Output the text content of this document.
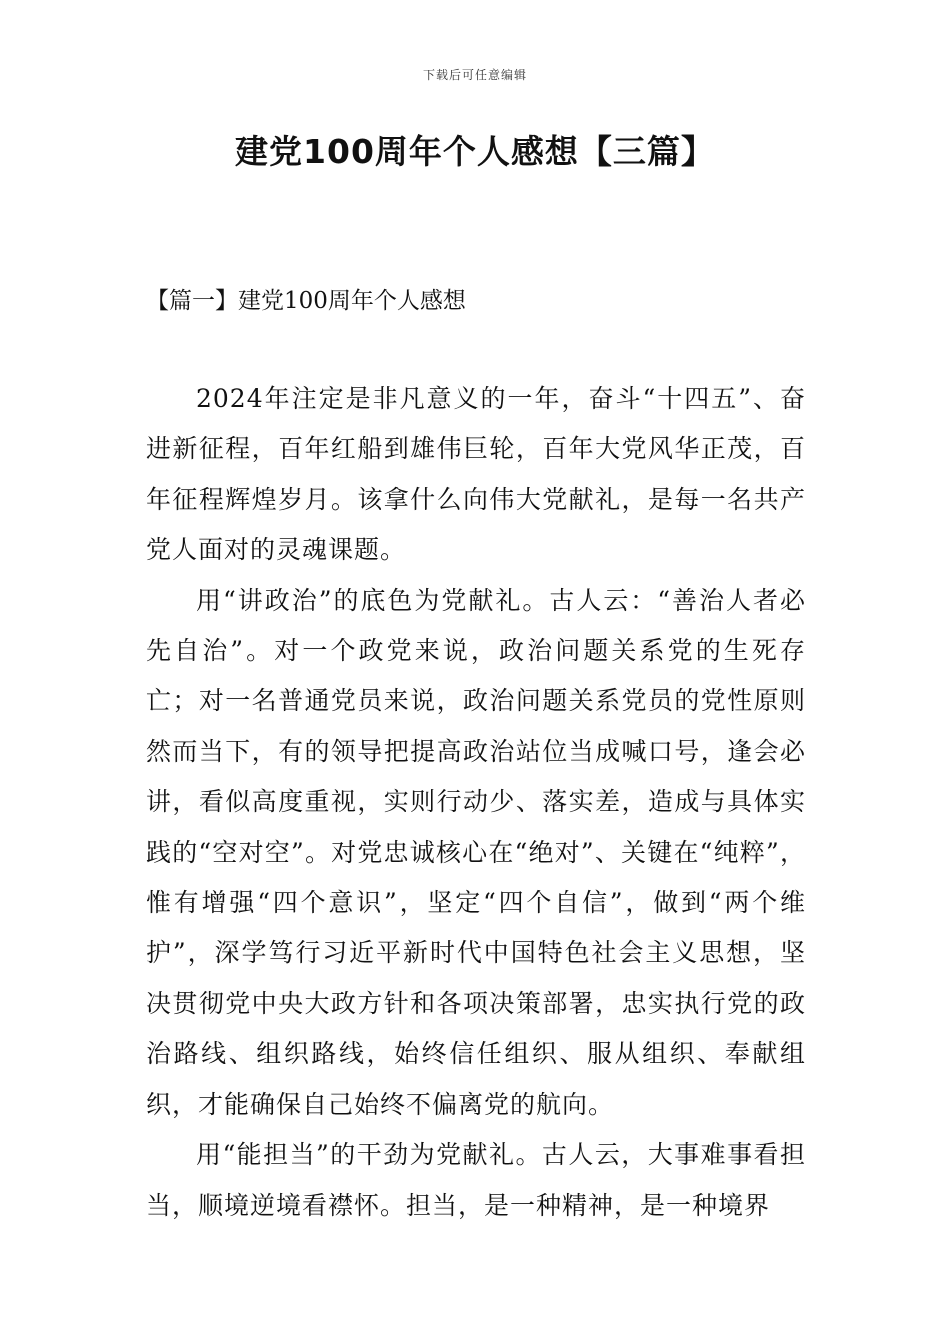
下载后可任意编辑
建党100周年个人感想【三篇】
【篇一】建党100周年个人感想

2024年注定是非凡意义的一年，奋斗“十四五”、奋进新征程，百年红船到雄伟巨轮，百年大党风华正茂，百年征程辉煌岁月。该拿什么向伟大党献礼，是每一名共产党人面对的灵魂课题。

用“讲政治”的底色为党献礼。古人云：“善治人者必先自治”。对一个政党来说，政治问题关系党的生死存亡；对一名普通党员来说，政治问题关系党员的党性原则然而当下，有的领导把提高政治站位当成喊口号，逢会必讲，看似高度重视，实则行动少、落实差，造成与具体实践的“空对空”。对党忠诚核心在“绝对”、关键在“纯粹”，惟有增强“四个意识”，坚定“四个自信”，做到“两个维护”，深学笃行习近平新时代中国特色社会主义思想，坚决贯彻党中央大政方针和各项决策部署，忠实执行党的政治路线、组织路线，始终信任组织、服从组织、奉献组织，才能确保自己始终不偏离党的航向。

用“能担当”的干劲为党献礼。古人云，大事难事看担当，顺境逆境看襟怀。担当，是一种精神，是一种境界
